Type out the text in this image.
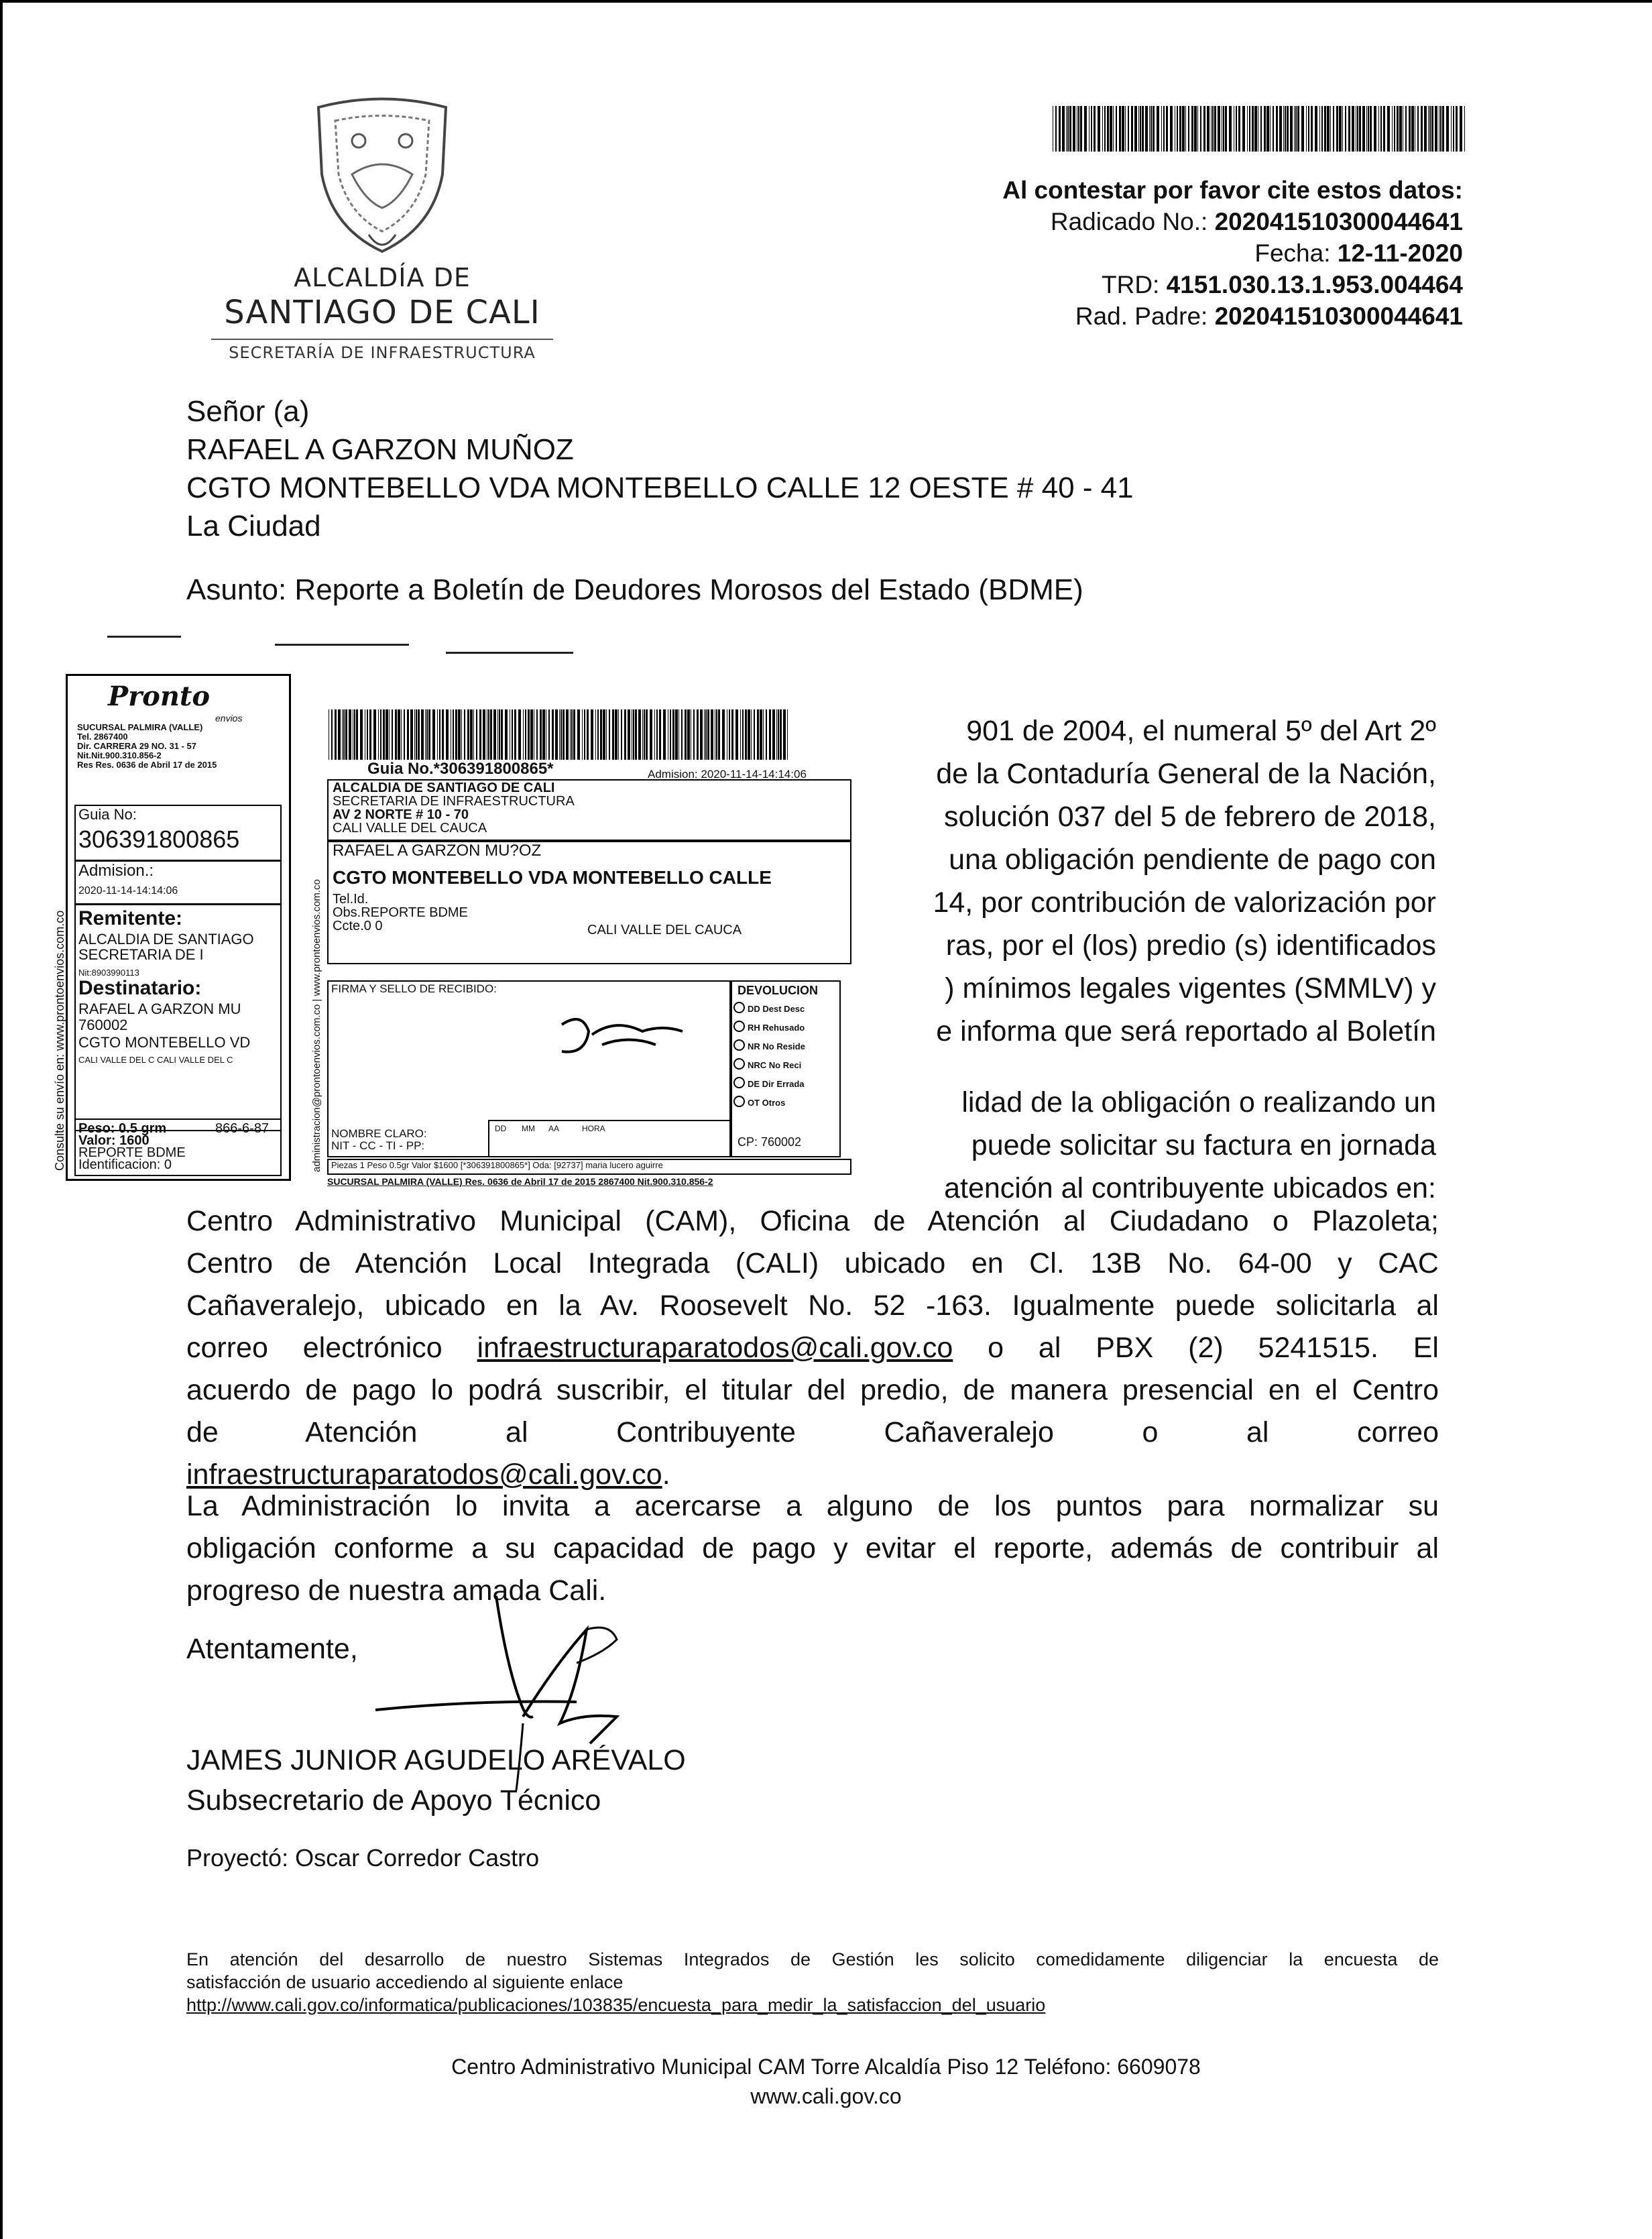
ALCALDÍA DE
SANTIAGO DE CALI
SECRETARÍA DE INFRAESTRUCTURA
Al contestar por favor cite estos datos:
Radicado No.: 202041510300044641
Fecha: 12-11-2020
TRD: 4151.030.13.1.953.004464
Rad. Padre: 202041510300044641
Señor (a)
RAFAEL A GARZON MUÑOZ
CGTO MONTEBELLO VDA MONTEBELLO CALLE 12 OESTE # 40 - 41
La Ciudad
Asunto: Reporte a Boletín de Deudores Morosos del Estado (BDME)
901 de 2004, el numeral 5º del Art 2º
de la Contaduría General de la Nación,
solución 037 del 5 de febrero de 2018,
una obligación pendiente de pago con
14, por contribución de valorización por
ras, por el (los) predio (s) identificados
) mínimos legales vigentes (SMMLV) y
e informa que será reportado al Boletín
lidad de la obligación o realizando un
puede solicitar su factura en jornada
atención al contribuyente ubicados en:
Centro Administrativo Municipal (CAM), Oficina de Atención al Ciudadano o Plazoleta;
Centro de Atención Local Integrada (CALI) ubicado en Cl. 13B No. 64-00 y CAC
Cañaveralejo, ubicado en la Av. Roosevelt No. 52 -163. Igualmente puede solicitarla al
correo electrónico infraestructuraparatodos@cali.gov.co o al PBX (2) 5241515. El
acuerdo de pago lo podrá suscribir, el titular del predio, de manera presencial en el Centro
de Atención al Contribuyente Cañaveralejo o al correo
infraestructuraparatodos@cali.gov.co.
La Administración lo invita a acercarse a alguno de los puntos para normalizar su
obligación conforme a su capacidad de pago y evitar el reporte, además de contribuir al
progreso de nuestra amada Cali.
Atentamente,
JAMES JUNIOR AGUDELO ARÉVALO
Subsecretario de Apoyo Técnico
Proyectó: Oscar Corredor Castro
En atención del desarrollo de nuestro Sistemas Integrados de Gestión les solicito comedidamente diligenciar la encuesta de
satisfacción de usuario accediendo al siguiente enlace
http://www.cali.gov.co/informatica/publicaciones/103835/encuesta_para_medir_la_satisfaccion_del_usuario
Centro Administrativo Municipal CAM Torre Alcaldía Piso 12 Teléfono: 6609078
www.cali.gov.co
Pronto
envios
SUCURSAL PALMIRA (VALLE)
Tel. 2867400
Dir. CARRERA 29 NO. 31 - 57
Nit.Nit.900.310.856-2
Res Res. 0636 de Abril 17 de 2015
Guia No:
306391800865
Admision.:
2020-11-14-14:14:06
Remitente:
ALCALDIA DE SANTIAGO
SECRETARIA DE I
Nit:8903990113
Destinatario:
RAFAEL A GARZON MU
760002
CGTO MONTEBELLO VD
CALI VALLE DEL C CALI VALLE DEL C
Peso: 0.5 grm	866-6-87
Valor: 1600
REPORTE BDME
Identificacion: 0
Consulte su envío en: www.prontoenvios.com.co
Guia No.*306391800865*	Admision: 2020-11-14-14:14:06
ALCALDIA DE SANTIAGO DE CALI
SECRETARIA DE INFRAESTRUCTURA
AV 2 NORTE # 10 - 70
CALI VALLE DEL CAUCA
RAFAEL A GARZON MU?OZ
CGTO MONTEBELLO VDA MONTEBELLO CALLE
Tel.Id.
Obs.REPORTE BDME
Ccte.0 0	CALI VALLE DEL CAUCA
FIRMA Y SELLO DE RECIBIDO:
NOMBRE CLARO:
NIT - CC - TI - PP:
DD MM AA	HORA
DEVOLUCION
DD Dest Desc
RH Rehusado
NR No Reside
NRC No Reci
DE Dir Errada
OT Otros
CP: 760002
Piezas 1 Peso 0.5gr Valor $1600 [*306391800865*] Oda: [92737] maria lucero aguirre
SUCURSAL PALMIRA (VALLE) Res. 0636 de Abril 17 de 2015 2867400 Nit.900.310.856-2
administracion@prontoenvios.com.co | www.prontoenvios.com.co
